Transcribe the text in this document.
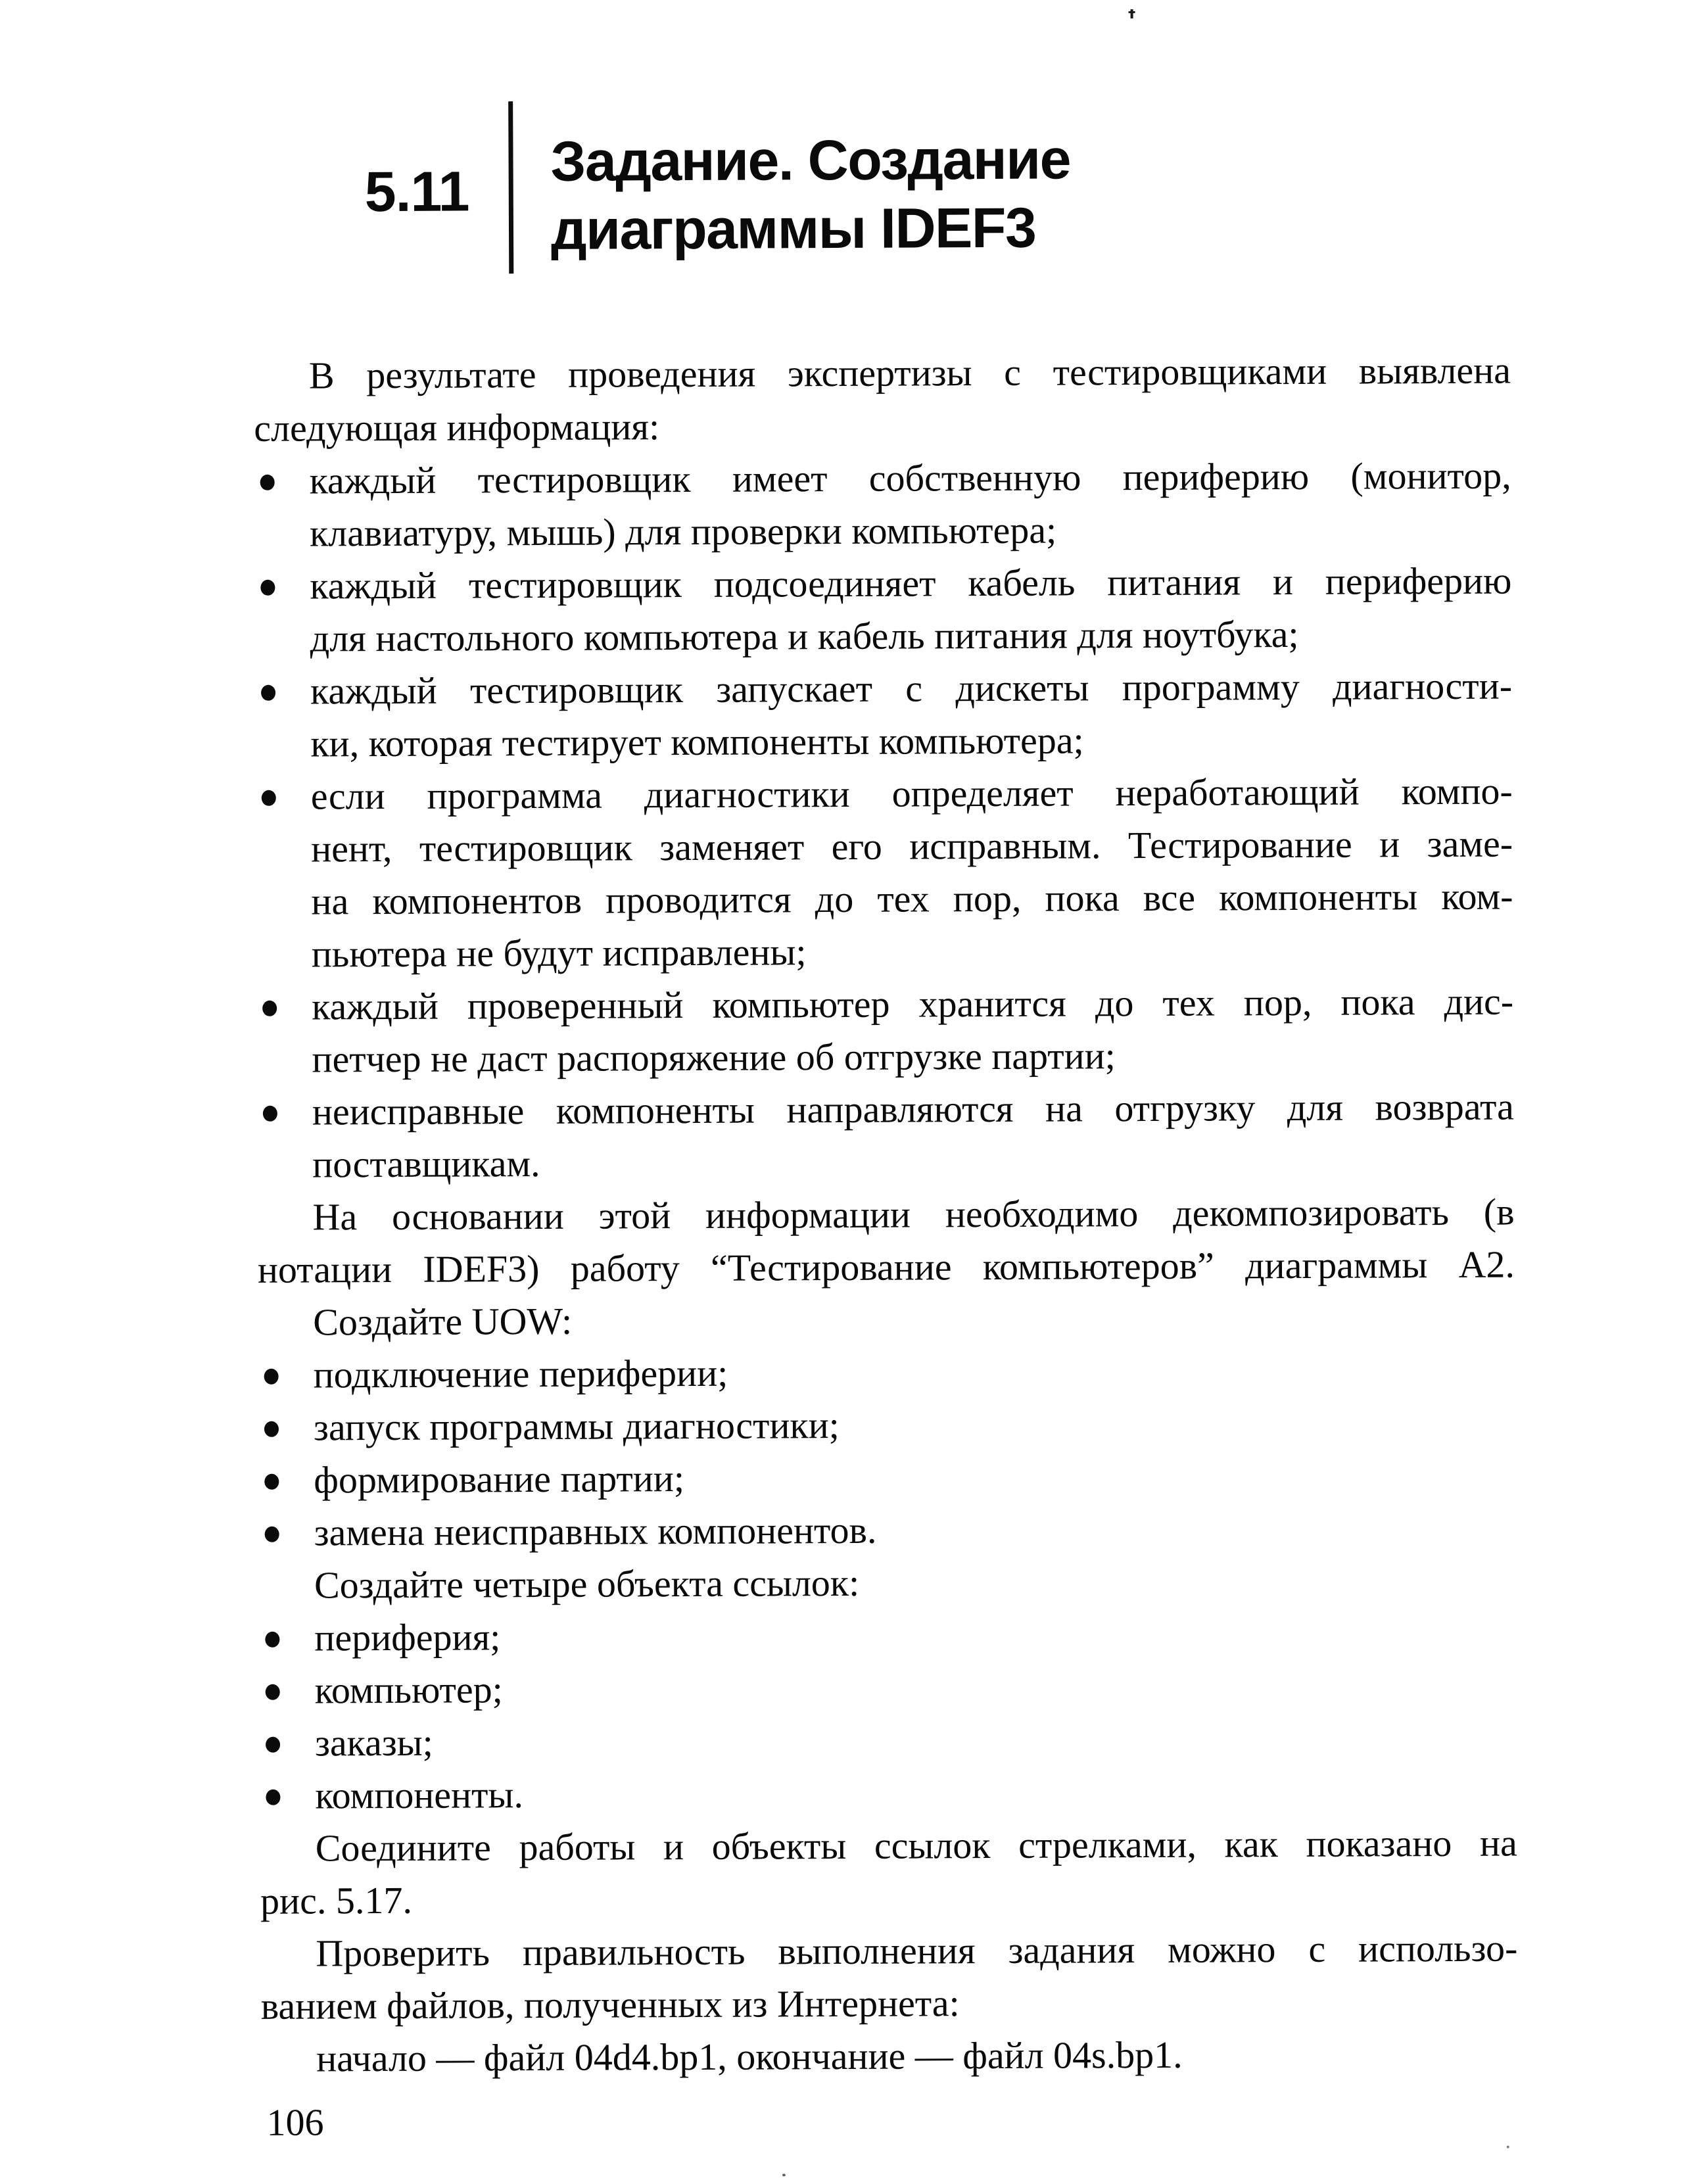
5.11 Задание. Создание
диаграммы IDEF3
В результате проведения экспертизы с тестировщиками выявлена
следующая информация:
каждый тестировщик имеет собственную периферию (монитор,
клавиатуру, мышь) для проверки компьютера;
каждый тестировщик подсоединяет кабель питания и периферию
для настольного компьютера и кабель питания для ноутбука;
каждый тестировщик запускает с дискеты программу диагности-
ки, которая тестирует компоненты компьютера;
если программа диагностики определяет неработающий компо-
нент, тестировщик заменяет его исправным. Тестирование и заме-
на компонентов проводится до тех пор, пока все компоненты ком-
пьютера не будут исправлены;
каждый проверенный компьютер хранится до тех пор, пока дис-
петчер не даст распоряжение об отгрузке партии;
неисправные компоненты направляются на отгрузку для возврата
поставщикам.
На основании этой информации необходимо декомпозировать (в
нотации IDEF3) работу “Тестирование компьютеров” диаграммы А2.
Создайте UOW:
подключение периферии;
запуск программы диагностики;
формирование партии;
замена неисправных компонентов.
Создайте четыре объекта ссылок:
периферия;
компьютер;
заказы;
компоненты.
Соедините работы и объекты ссылок стрелками, как показано на
рис. 5.17.
Проверить правильность выполнения задания можно с использо-
ванием файлов, полученных из Интернета:
начало — файл 04d4.bp1, окончание — файл 04s.bp1.
106
